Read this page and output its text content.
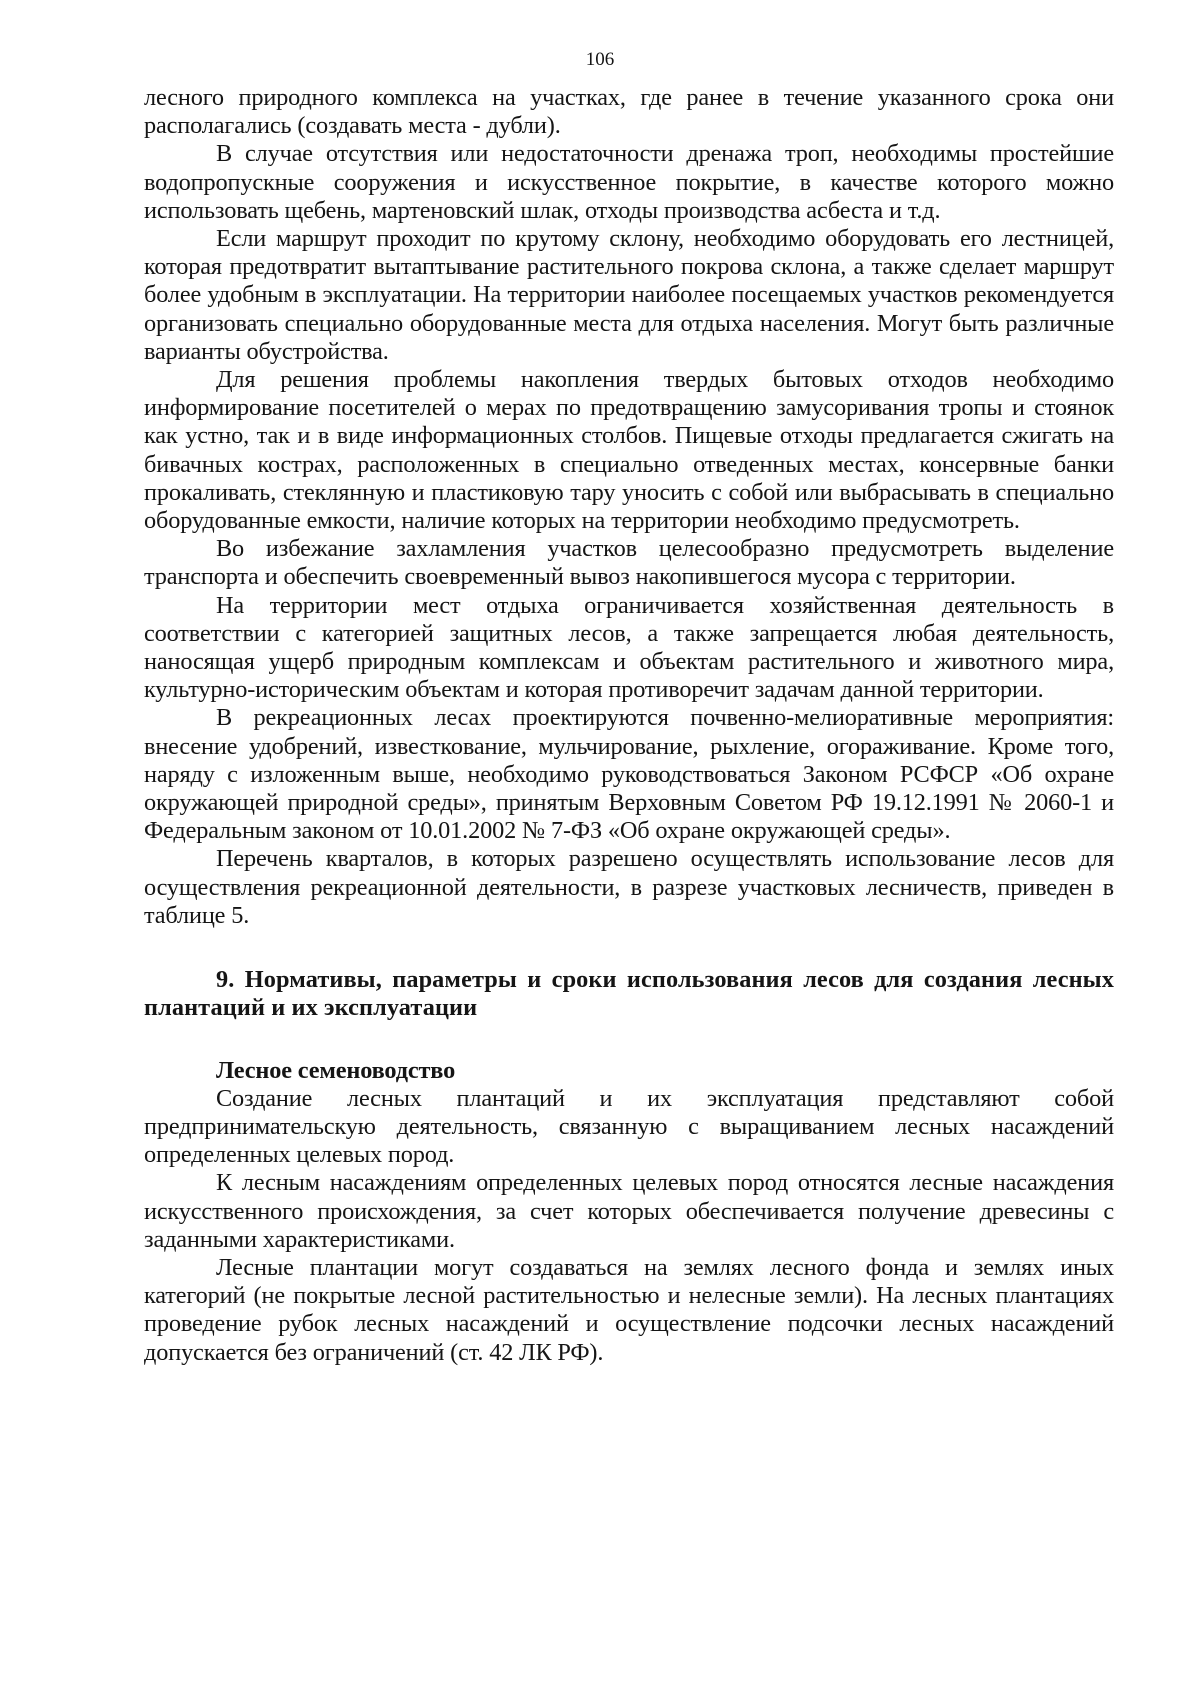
106

лесного природного комплекса на участках, где ранее в течение указанного срока они располагались (создавать места - дубли).

В случае отсутствия или недостаточности дренажа троп, необходимы простейшие водопропускные сооружения и искусственное покрытие, в качестве которого можно использовать щебень, мартеновский шлак, отходы производства асбеста и т.д.

Если маршрут проходит по крутому склону, необходимо оборудовать его лестницей, которая предотвратит вытаптывание растительного покрова склона, а также сделает маршрут более удобным в эксплуатации. На территории наиболее посещаемых участков рекомендуется организовать специально оборудованные места для отдыха населения. Могут быть различные варианты обустройства.

Для решения проблемы накопления твердых бытовых отходов необходимо информирование посетителей о мерах по предотвращению замусоривания тропы и стоянок как устно, так и в виде информационных столбов. Пищевые отходы предлагается сжигать на бивачных кострах, расположенных в специально отведенных местах, консервные банки прокаливать, стеклянную и пластиковую тару уносить с собой или выбрасывать в специально оборудованные емкости, наличие которых на территории необходимо предусмотреть.

Во избежание захламления участков целесообразно предусмотреть выделение транспорта и обеспечить своевременный вывоз накопившегося мусора с территории.

На территории мест отдыха ограничивается хозяйственная деятельность в соответствии с категорией защитных лесов, а также запрещается любая деятельность, наносящая ущерб природным комплексам и объектам растительного и животного мира, культурно-историческим объектам и которая противоречит задачам данной территории.

В рекреационных лесах проектируются почвенно-мелиоративные мероприятия: внесение удобрений, известкование, мульчирование, рыхление, огораживание. Кроме того, наряду с изложенным выше, необходимо руководствоваться Законом РСФСР «Об охране окружающей природной среды», принятым Верховным Советом РФ 19.12.1991 № 2060-1 и Федеральным законом от 10.01.2002 № 7-ФЗ «Об охране окружающей среды».

Перечень кварталов, в которых разрешено осуществлять использование лесов для осуществления рекреационной деятельности, в разрезе участковых лесничеств, приведен в таблице 5.

9. Нормативы, параметры и сроки использования лесов для создания лесных плантаций и их эксплуатации
Лесное семеноводство

Создание лесных плантаций и их эксплуатация представляют собой предпринимательскую деятельность, связанную с выращиванием лесных насаждений определенных целевых пород.

К лесным насаждениям определенных целевых пород относятся лесные насаждения искусственного происхождения, за счет которых обеспечивается получение древесины с заданными характеристиками.

Лесные плантации могут создаваться на землях лесного фонда и землях иных категорий (не покрытые лесной растительностью и нелесные земли). На лесных плантациях проведение рубок лесных насаждений и осуществление подсочки лесных насаждений допускается без ограничений (ст. 42 ЛК РФ).
